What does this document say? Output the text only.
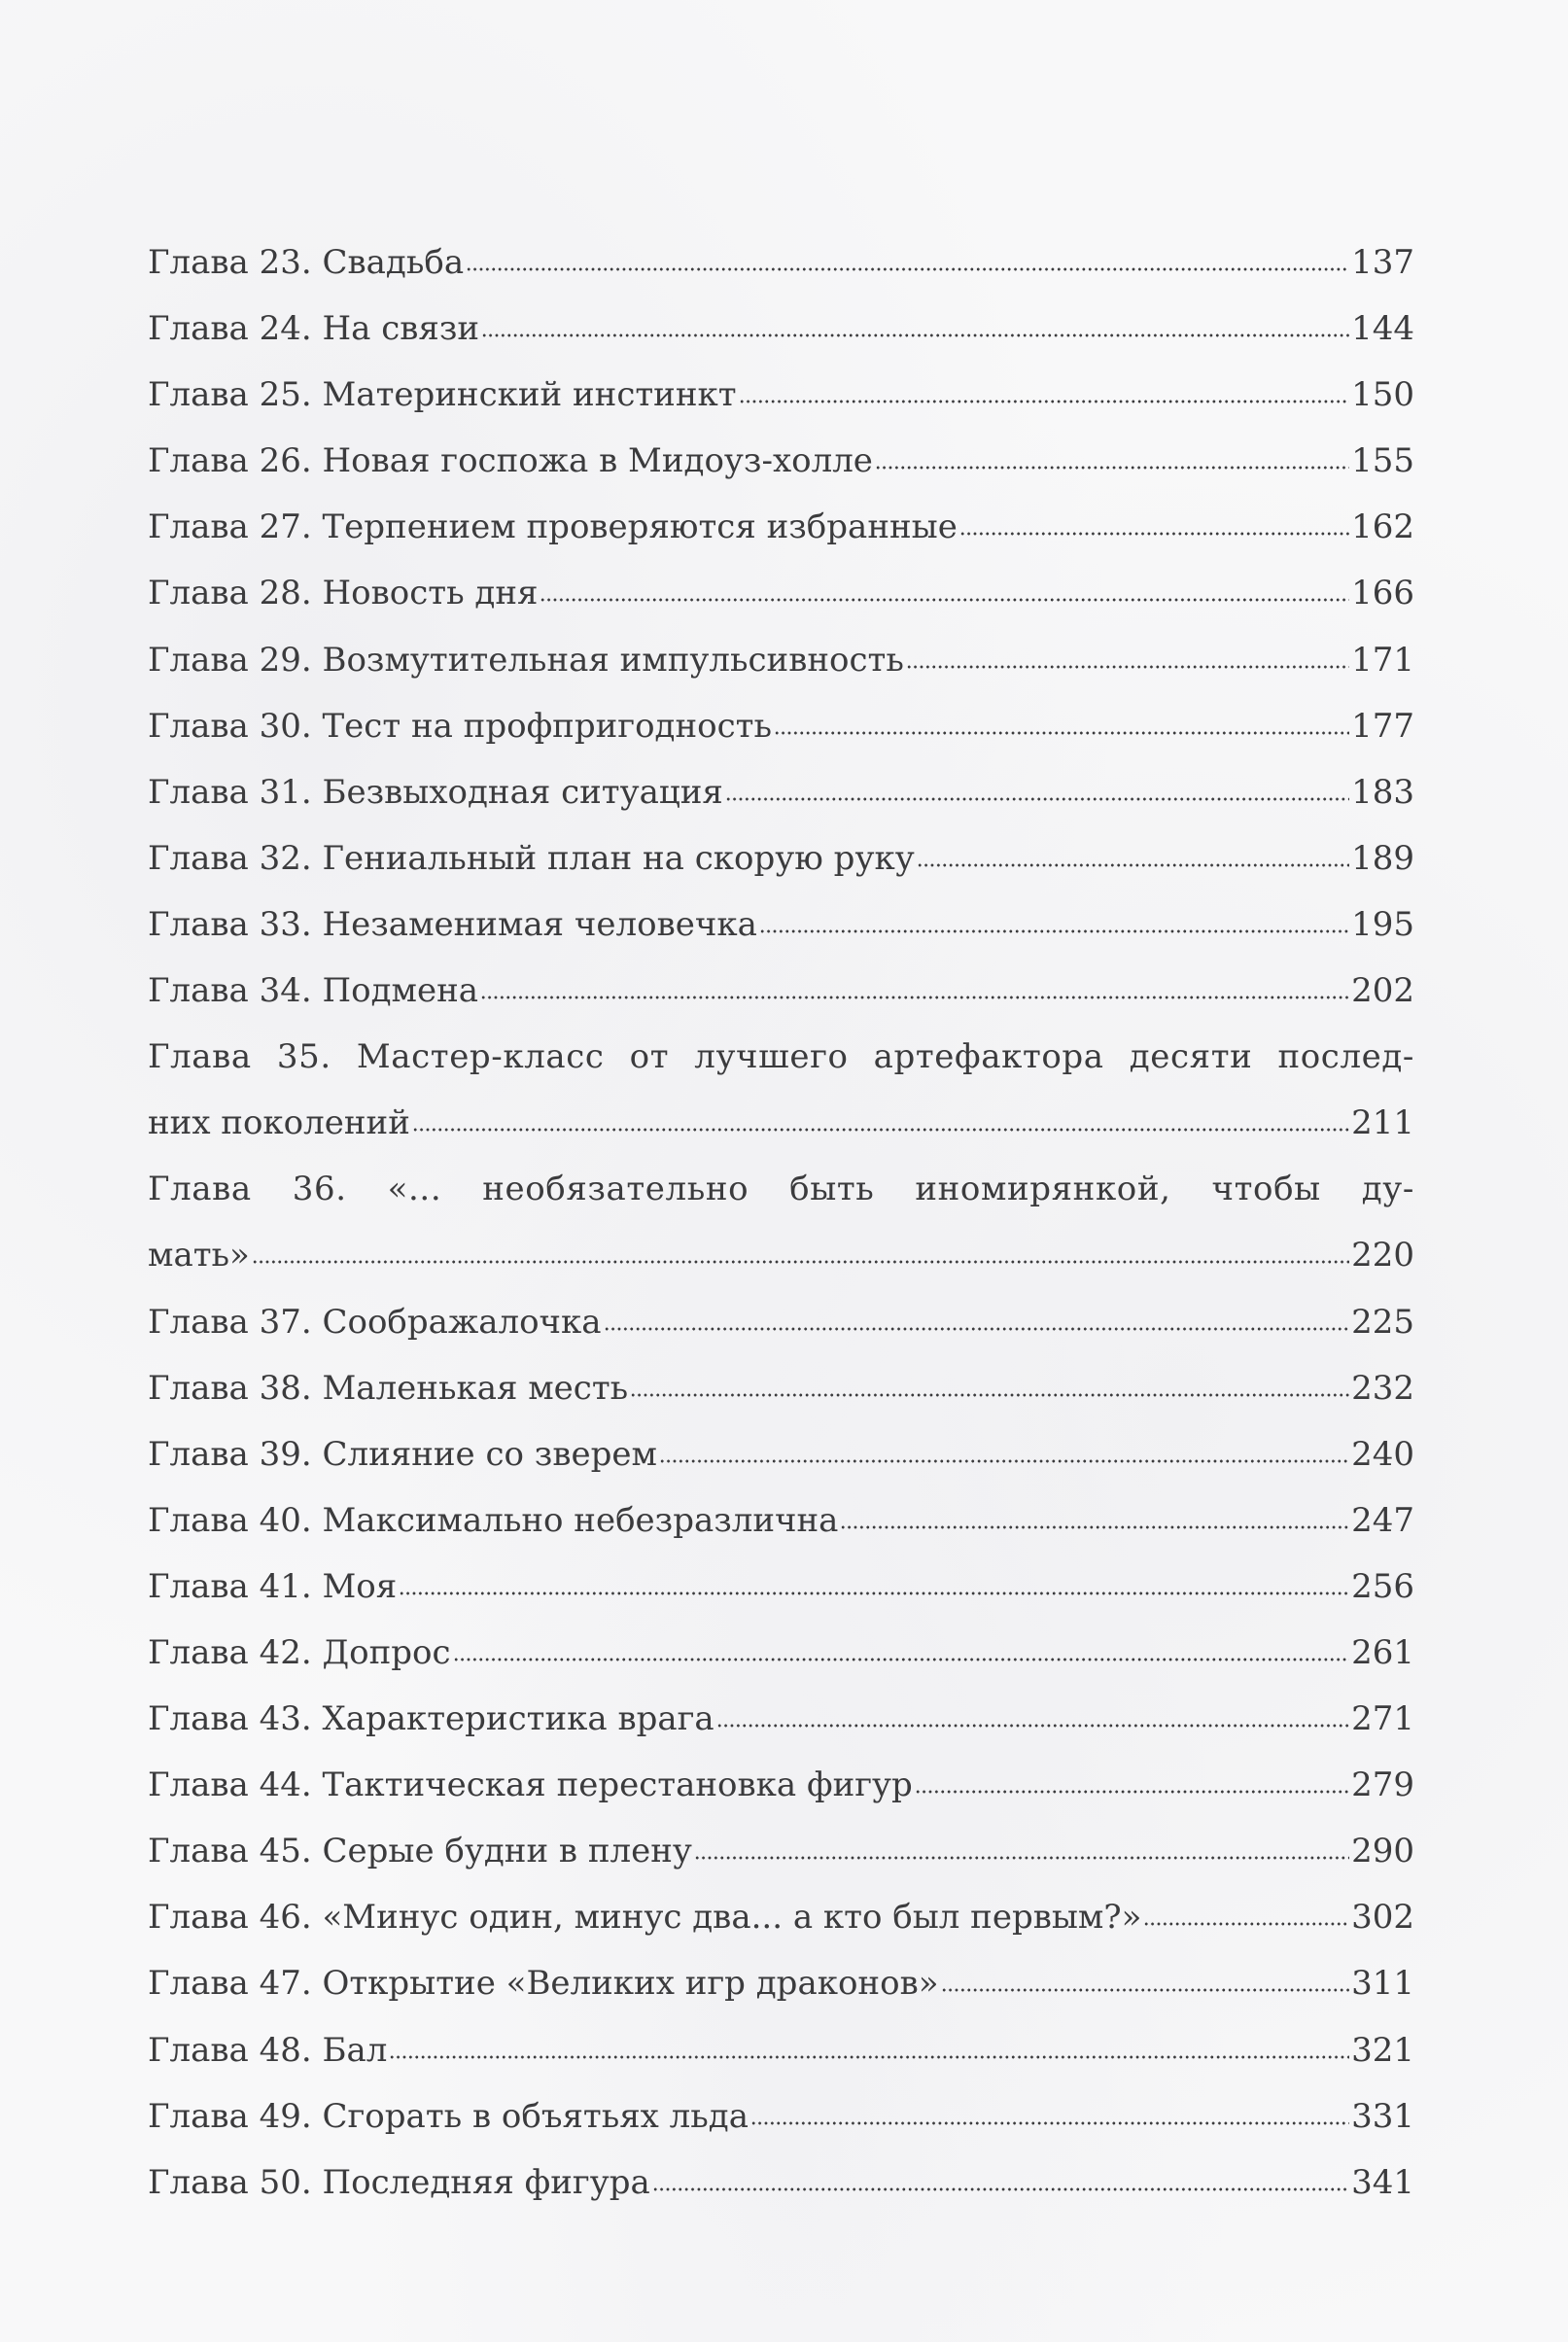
Глава 23. Свадьба	137
Глава 24. На связи	144
Глава 25. Материнский инстинкт	150
Глава 26. Новая госпожа в Мидоуз-холле	155
Глава 27. Терпением проверяются избранные	162
Глава 28. Новость дня	166
Глава 29. Возмутительная импульсивность	171
Глава 30. Тест на профпригодность	177
Глава 31. Безвыходная ситуация	183
Глава 32. Гениальный план на скорую руку	189
Глава 33. Незаменимая человечка	195
Глава 34. Подмена	202
Глава 35. Мастер-класс от лучшего артефактора десяти послед-
них поколений	211
Глава 36. «... необязательно быть иномирянкой, чтобы ду-
мать»	220
Глава 37. Соображалочка	225
Глава 38. Маленькая месть	232
Глава 39. Слияние со зверем	240
Глава 40. Максимально небезразлична	247
Глава 41. Моя	256
Глава 42. Допрос	261
Глава 43. Характеристика врага	271
Глава 44. Тактическая перестановка фигур	279
Глава 45. Серые будни в плену	290
Глава 46. «Минус один, минус два... а кто был первым?»	302
Глава 47. Открытие «Великих игр драконов»	311
Глава 48. Бал	321
Глава 49. Сгорать в объятьях льда	331
Глава 50. Последняя фигура	341
